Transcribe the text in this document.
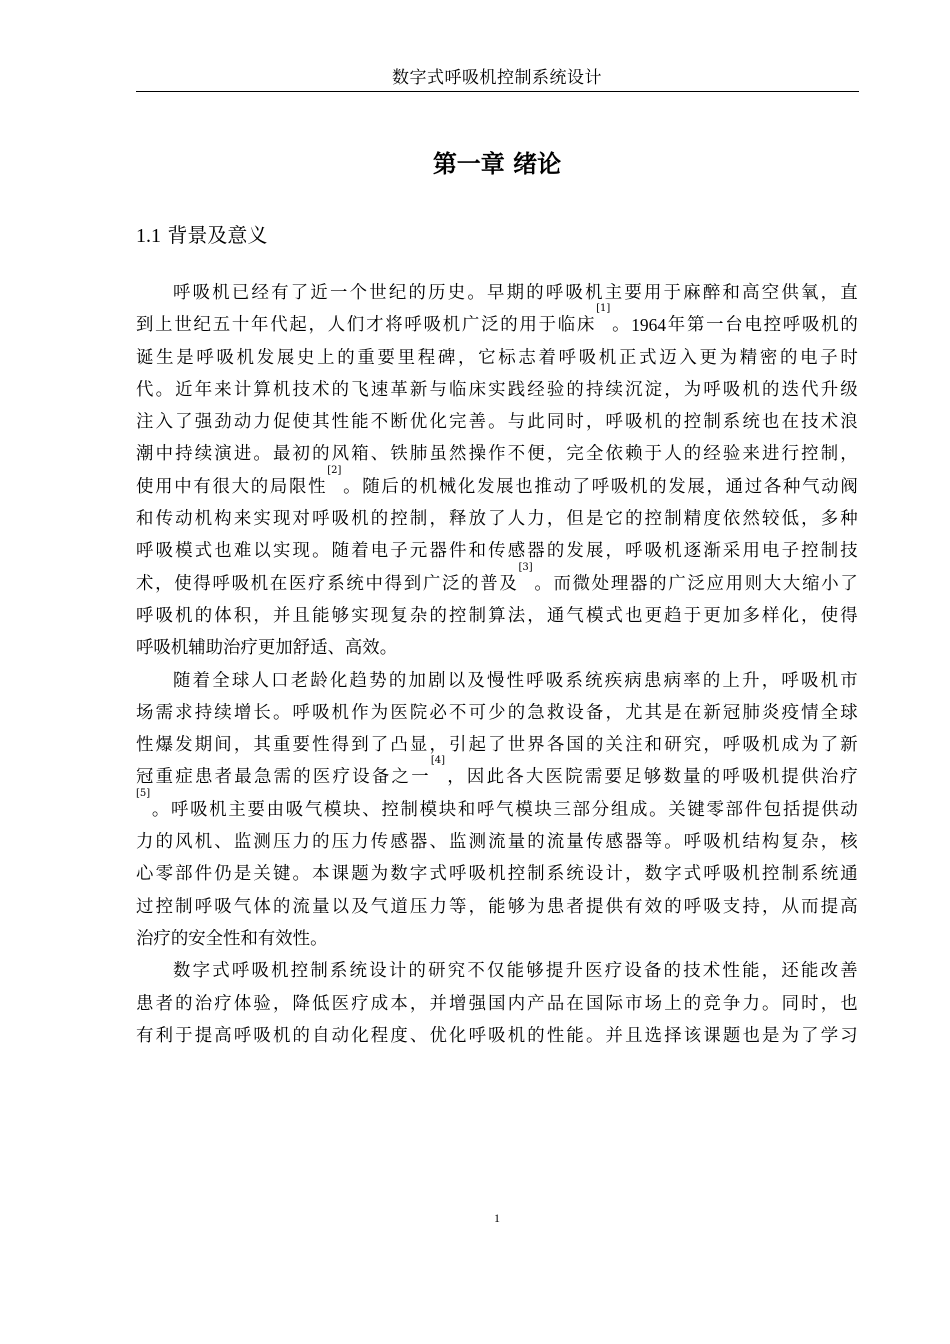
数字式呼吸机控制系统设计
第一章 绪论
1.1 背景及意义
呼 吸 机 已 经 有 了 近 一 个 世 纪 的 历 史 。 早 期 的 呼 吸 机 主 要 用 于 麻 醉 和 高 空 供 氧 ， 直
到 上 世 纪 五 十 年 代 起 ， 人 们 才 将 呼 吸 机 广 泛 的 用 于 临 床
[1]
。 1964 年 第 一 台 电 控 呼 吸 机 的
诞 生 是 呼 吸 机 发 展 史 上 的 重 要 里 程 碑 ， 它 标 志 着 呼 吸 机 正 式 迈 入 更 为 精 密 的 电 子 时
代 。 近 年 来 计 算 机 技 术 的 飞 速 革 新 与 临 床 实 践 经 验 的 持 续 沉 淀 ， 为 呼 吸 机 的 迭 代 升 级
注 入 了 强 劲 动 力 促 使 其 性 能 不 断 优 化 完 善 。 与 此 同 时 ， 呼 吸 机 的 控 制 系 统 也 在 技 术 浪
潮 中 持 续 演 进 。 最 初 的 风 箱 、 铁 肺 虽 然 操 作 不 便 ， 完 全 依 赖 于 人 的 经 验 来 进 行 控 制 ，
使 用 中 有 很 大 的 局 限 性
[2]
。 随 后 的 机 械 化 发 展 也 推 动 了 呼 吸 机 的 发 展 ， 通 过 各 种 气 动 阀
和 传 动 机 构 来 实 现 对 呼 吸 机 的 控 制 ， 释 放 了 人 力 ， 但 是 它 的 控 制 精 度 依 然 较 低 ， 多 种
呼 吸 模 式 也 难 以 实 现 。 随 着 电 子 元 器 件 和 传 感 器 的 发 展 ， 呼 吸 机 逐 渐 采 用 电 子 控 制 技
术 ， 使 得 呼 吸 机 在 医 疗 系 统 中 得 到 广 泛 的 普 及
[3]
。 而 微 处 理 器 的 广 泛 应 用 则 大 大 缩 小 了
呼 吸 机 的 体 积 ， 并 且 能 够 实 现 复 杂 的 控 制 算 法 ， 通 气 模 式 也 更 趋 于 更 加 多 样 化 ， 使 得
呼 吸 机 辅 助 治 疗 更 加 舒 适 、 高 效 。
随 着 全 球 人 口 老 龄 化 趋 势 的 加 剧 以 及 慢 性 呼 吸 系 统 疾 病 患 病 率 的 上 升 ， 呼 吸 机 市
场 需 求 持 续 增 长 。 呼 吸 机 作 为 医 院 必 不 可 少 的 急 救 设 备 ， 尤 其 是 在 新 冠 肺 炎 疫 情 全 球
性 爆 发 期 间 ， 其 重 要 性 得 到 了 凸 显 ， 引 起 了 世 界 各 国 的 关 注 和 研 究 ， 呼 吸 机 成 为 了 新
冠 重 症 患 者 最 急 需 的 医 疗 设 备 之 一
[4]
， 因 此 各 大 医 院 需 要 足 够 数 量 的 呼 吸 机 提 供 治 疗
[5]
。 呼 吸 机 主 要 由 吸 气 模 块 、 控 制 模 块 和 呼 气 模 块 三 部 分 组 成 。 关 键 零 部 件 包 括 提 供 动
力 的 风 机 、 监 测 压 力 的 压 力 传 感 器 、 监 测 流 量 的 流 量 传 感 器 等 。 呼 吸 机 结 构 复 杂 ， 核
心 零 部 件 仍 是 关 键 。 本 课 题 为 数 字 式 呼 吸 机 控 制 系 统 设 计 ， 数 字 式 呼 吸 机 控 制 系 统 通
过 控 制 呼 吸 气 体 的 流 量 以 及 气 道 压 力 等 ， 能 够 为 患 者 提 供 有 效 的 呼 吸 支 持 ， 从 而 提 高
治 疗 的 安 全 性 和 有 效 性 。
数 字 式 呼 吸 机 控 制 系 统 设 计 的 研 究 不 仅 能 够 提 升 医 疗 设 备 的 技 术 性 能 ， 还 能 改 善
患 者 的 治 疗 体 验 ， 降 低 医 疗 成 本 ， 并 增 强 国 内 产 品 在 国 际 市 场 上 的 竞 争 力 。 同 时 ， 也
有 利 于 提 高 呼 吸 机 的 自 动 化 程 度 、 优 化 呼 吸 机 的 性 能 。 并 且 选 择 该 课 题 也 是 为 了 学 习
1
